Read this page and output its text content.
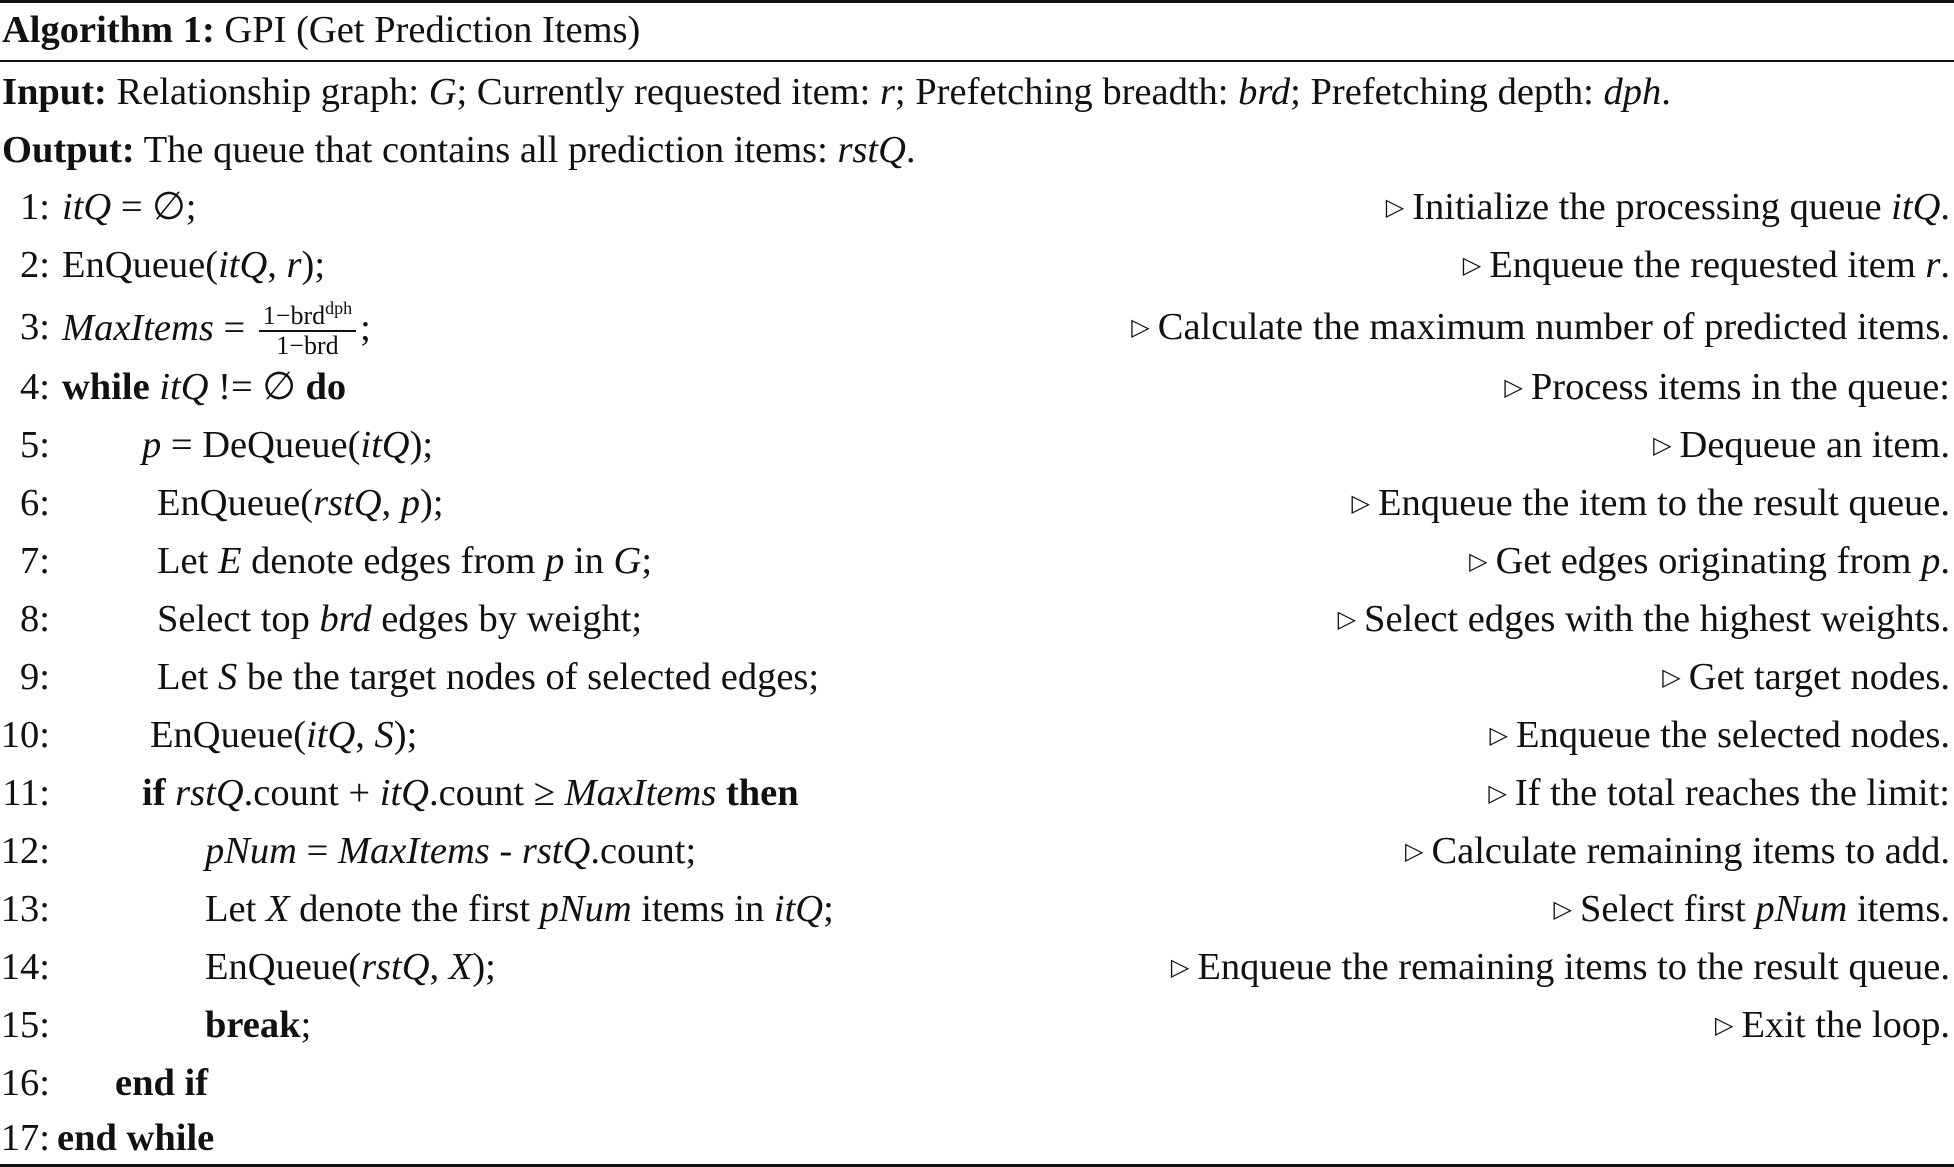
Algorithm 1: GPI (Get Prediction Items)
Input: Relationship graph: G; Currently requested item: r; Prefetching breadth: brd; Prefetching depth: dph.
Output: The queue that contains all prediction items: rstQ.
1: itQ = ∅;	▷ Initialize the processing queue itQ.
2: EnQueue(itQ, r);	▷ Enqueue the requested item r.
3: MaxItems = $\frac{1-brd^{dph}}{\text{1−brd}}$ ;	▷ Calculate the maximum number of predicted items.
4: while itQ != ∅ do	▷ Process items in the queue:
5: p = DeQueue(itQ);	▷ Dequeue an item.
6:	EnQueue(rstQ, p);	▷ Enqueue the item to the result queue.
7:	Let E denote edges from p in G;	▷ Get edges originating from p.
8:	Select top brd edges by weight;	▷ Select edges with the highest weights.
9:	Let S be the target nodes of selected edges;	▷ Get target nodes.
10:	EnQueue(itQ, S);	▷ Enqueue the selected nodes.
11: if rstQ.count + itQ.count ≥ MaxItems then	▷ If the total reaches the limit:
12:	pNum = MaxItems - rstQ.count;	▷ Calculate remaining items to add.
13:	Let X denote the first pNum items in itQ;	▷ Select first pNum items.
14:	EnQueue(rstQ, X);	▷ Enqueue the remaining items to the result queue.
15:	break;	▷ Exit the loop.
16: end if
17: end while
